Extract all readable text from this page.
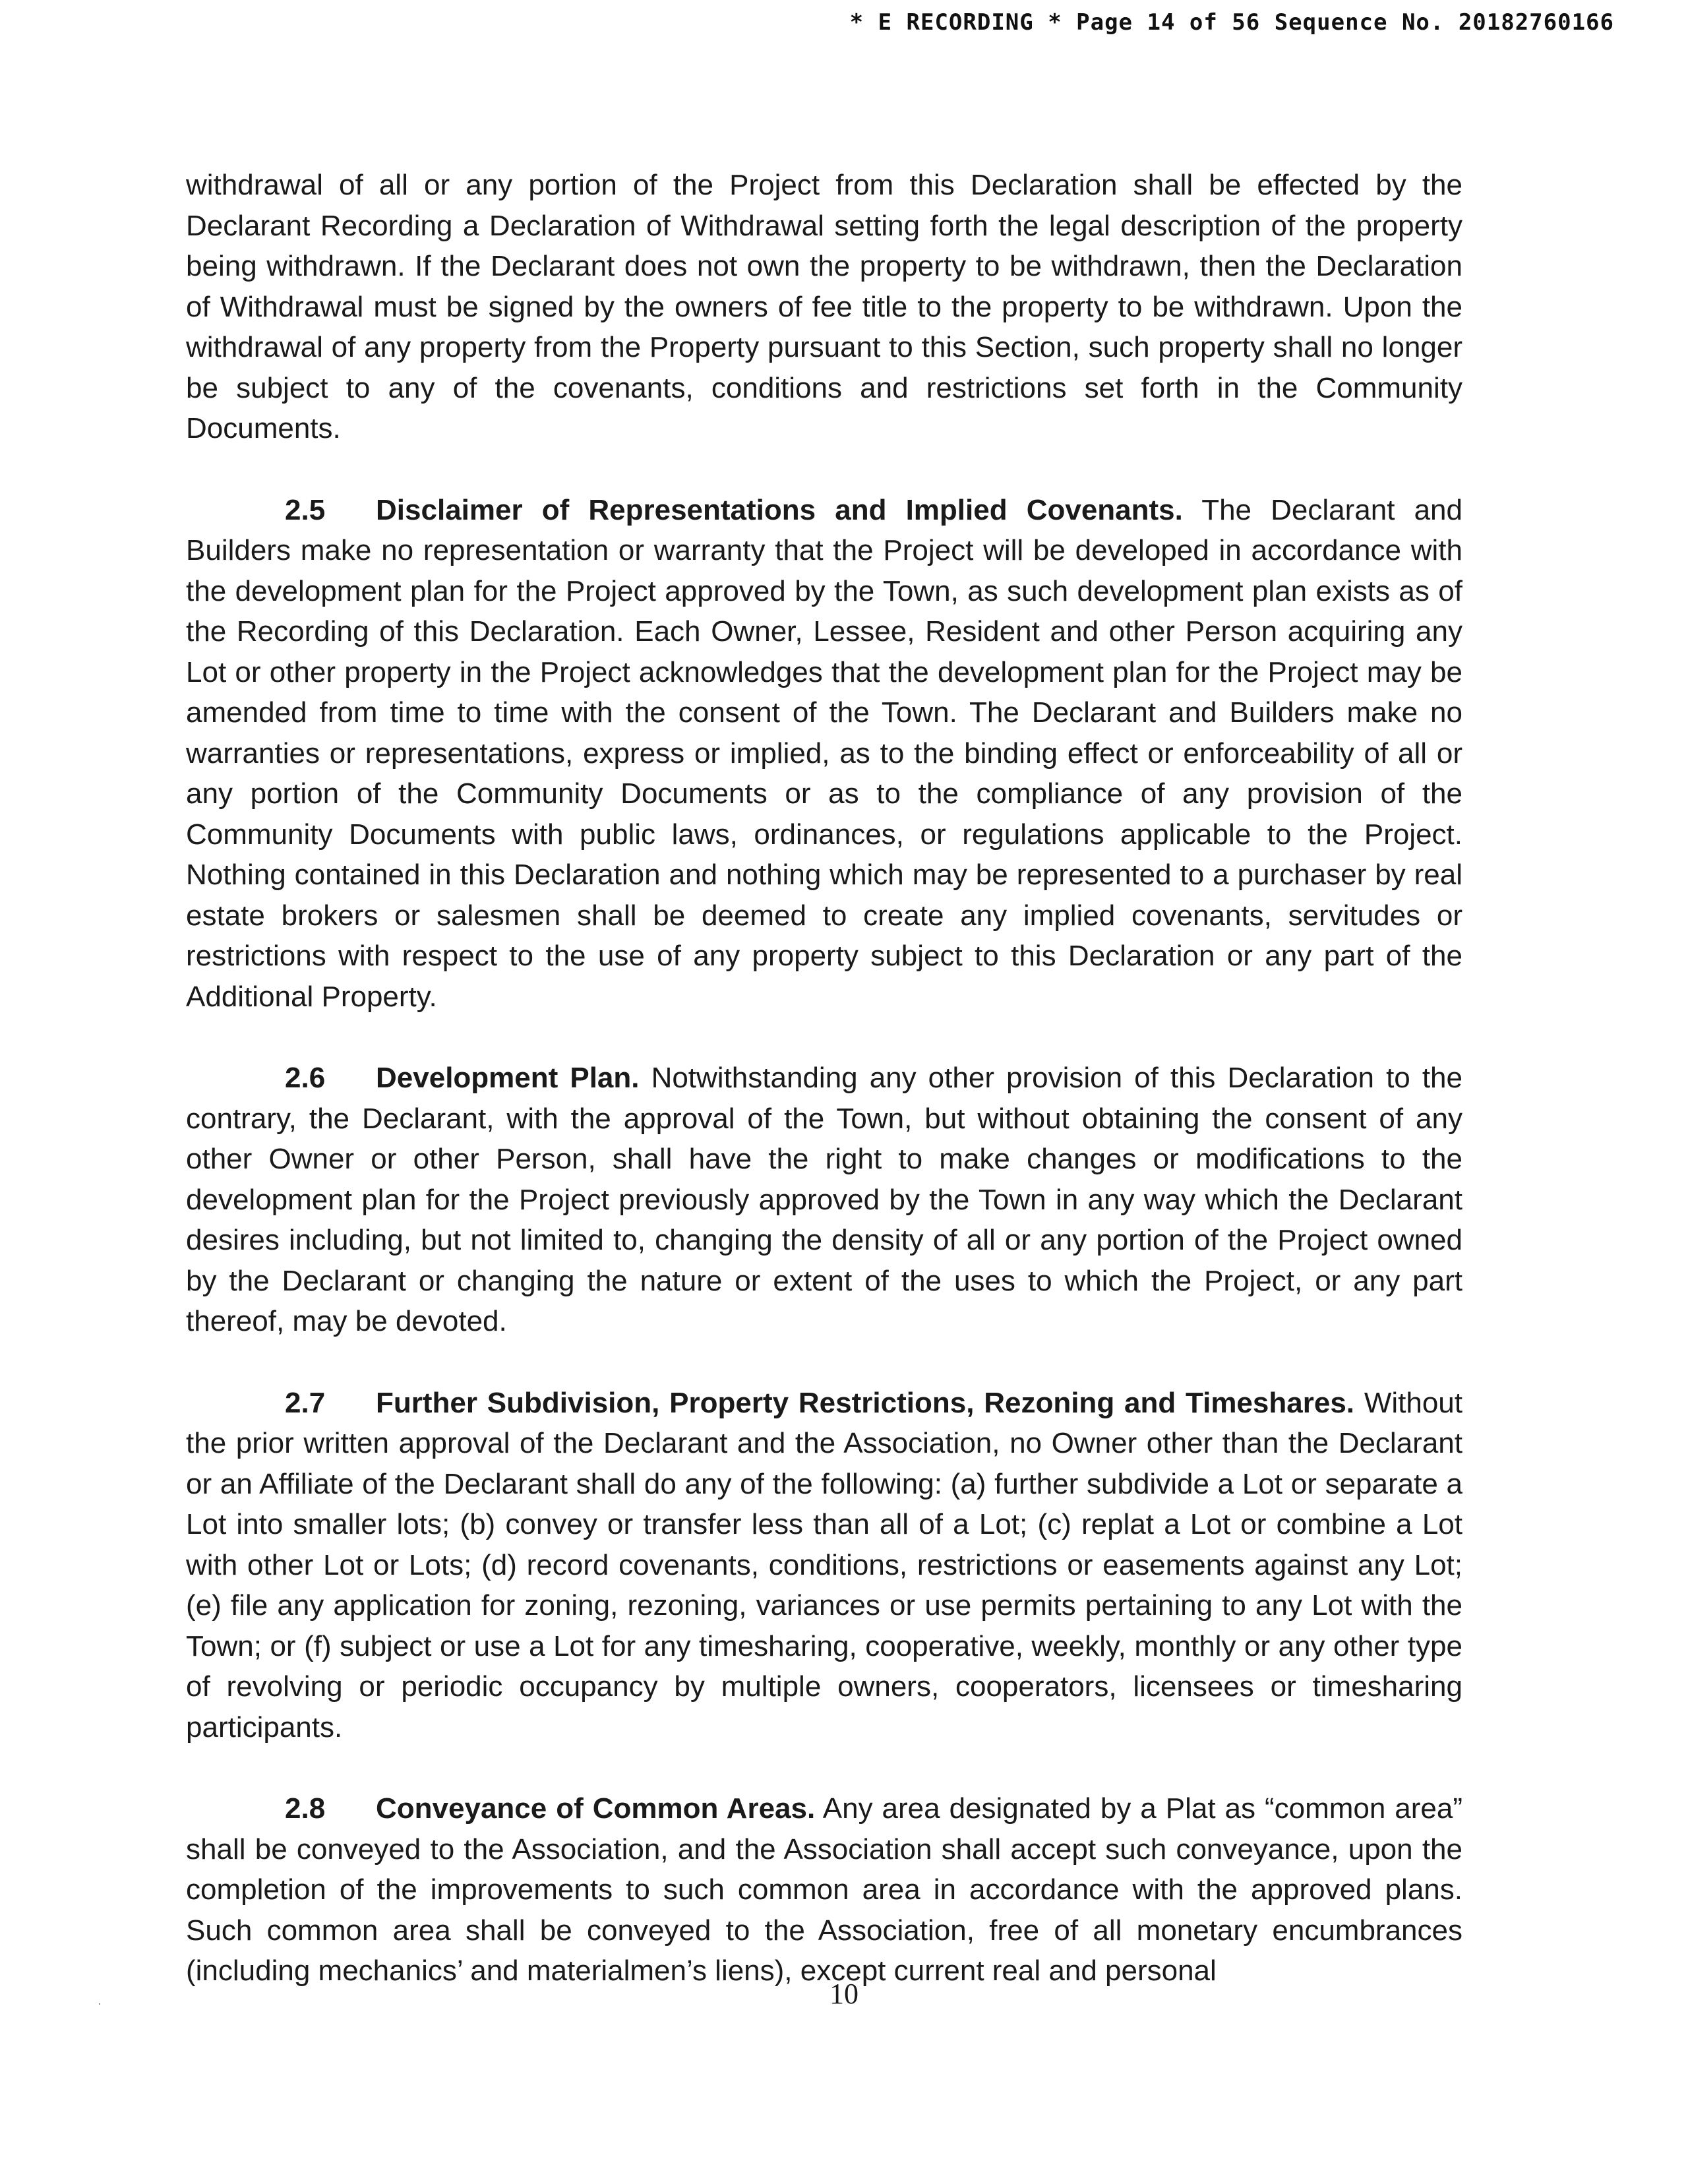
* E RECORDING * Page 14 of 56 Sequence No. 20182760166

withdrawal of all or any portion of the Project from this Declaration shall be effected by the Declarant Recording a Declaration of Withdrawal setting forth the legal description of the property being withdrawn. If the Declarant does not own the property to be withdrawn, then the Declaration of Withdrawal must be signed by the owners of fee title to the property to be withdrawn. Upon the withdrawal of any property from the Property pursuant to this Section, such property shall no longer be subject to any of the covenants, conditions and restrictions set forth in the Community Documents.

2.5 Disclaimer of Representations and Implied Covenants. The Declarant and Builders make no representation or warranty that the Project will be developed in accordance with the development plan for the Project approved by the Town, as such development plan exists as of the Recording of this Declaration. Each Owner, Lessee, Resident and other Person acquiring any Lot or other property in the Project acknowledges that the development plan for the Project may be amended from time to time with the consent of the Town. The Declarant and Builders make no warranties or representations, express or implied, as to the binding effect or enforceability of all or any portion of the Community Documents or as to the compliance of any provision of the Community Documents with public laws, ordinances, or regulations applicable to the Project. Nothing contained in this Declaration and nothing which may be represented to a purchaser by real estate brokers or salesmen shall be deemed to create any implied covenants, servitudes or restrictions with respect to the use of any property subject to this Declaration or any part of the Additional Property.

2.6 Development Plan. Notwithstanding any other provision of this Declaration to the contrary, the Declarant, with the approval of the Town, but without obtaining the consent of any other Owner or other Person, shall have the right to make changes or modifications to the development plan for the Project previously approved by the Town in any way which the Declarant desires including, but not limited to, changing the density of all or any portion of the Project owned by the Declarant or changing the nature or extent of the uses to which the Project, or any part thereof, may be devoted.

2.7 Further Subdivision, Property Restrictions, Rezoning and Timeshares. Without the prior written approval of the Declarant and the Association, no Owner other than the Declarant or an Affiliate of the Declarant shall do any of the following: (a) further subdivide a Lot or separate a Lot into smaller lots; (b) convey or transfer less than all of a Lot; (c) replat a Lot or combine a Lot with other Lot or Lots; (d) record covenants, conditions, restrictions or easements against any Lot; (e) file any application for zoning, rezoning, variances or use permits pertaining to any Lot with the Town; or (f) subject or use a Lot for any timesharing, cooperative, weekly, monthly or any other type of revolving or periodic occupancy by multiple owners, cooperators, licensees or timesharing participants.

2.8 Conveyance of Common Areas. Any area designated by a Plat as “common area” shall be conveyed to the Association, and the Association shall accept such conveyance, upon the completion of the improvements to such common area in accordance with the approved plans. Such common area shall be conveyed to the Association, free of all monetary encumbrances (including mechanics’ and materialmen’s liens), except current real and personal

10
